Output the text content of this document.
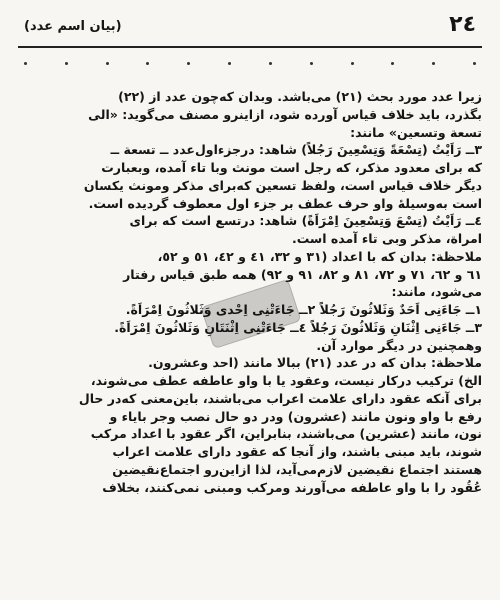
٢٤
(بيان اسم عدد)

زيرا عدد مورد بحث (٢١) مى‌باشد. وبدان كه‌چون عدد از (٢٢)

بگذرد، بايد خلاف قياس آورده شود، ازاينرو مصنف مى‌گويد: «الى

تسعة وتسعين» مانند:

٣ــ رَاَيْتُ (تِسْعَةً وَتِسْعِينَ رَجُلاً) شاهد: درجزءاول‌عدد ــ تسعة ــ

كه براى معدود مذكر، كه رجل است مونث وبا تاء آمده، وبعبارت

ديگر خلاف قياس است، ولفظ تسعين كه‌براى مذكر ومونث يكسان

است به‌وسيلهٔ واو حرف عطف بر جزء اول معطوف گرديده است.

٤ــ رَاَيْتُ (تِسْعَ وَتِسْعِينَ اِمْرَاَةً) شاهد: درتسع است كه براى

امراة، مذكر وبى تاء آمده است.

ملاحظة: بدان كه با اعداد (٣١ و ٣٢، ٤١ و ٤٢، ٥١ و ٥٢،

٦١ و ٦٢، ٧١ و ٧٢، ٨١ و ٨٢، ٩١ و ٩٢) همه طبق قياس رفتار

مى‌شود، مانند:

١ــ جَاءَنِى اَحَدٌ وَثَلاثُونَ رَجُلاً ٢ــ جَاءَتْنِى اِحْدى وَثَلاثُونَ اِمْرَاَةً.

٣ــ جَاءَنِى اِثْنَانِ وَثَلاثُونَ رَجُلاً ٤ــ جَاءَتْنِى اِثْنَتَانِ وَثَلاثُونَ اِمْرَاَةً.

وهمچنين در ديگر موارد آن.

ملاحظة: بدان كه در عدد (٢١) ببالا مانند (احد وعشرون.

الخ) تركيب دركار نيست، وعقود يا با واو عاطفه عطف مى‌شوند،

براى آنكه عقود داراى علامت اعراب مى‌باشند، باين‌معنى كه‌در حال

رفع با واو ونون مانند (عشرون) ودر دو حال نصب وجر باياء و

نون، مانند (عشرين) مى‌باشند، بنابراين، اگر عقود با اعداد مركب

شوند، بايد مبنى باشند، واز آنجا كه عقود داراى علامت اعراب

هستند اجتماع نقيضين لازم‌مى‌آيد، لذا ازاين‌رو اجتماع‌نقيضين

عُقُود را با واو عاطفه مى‌آورند ومركب ومبنى نمى‌كنند، بخلاف
